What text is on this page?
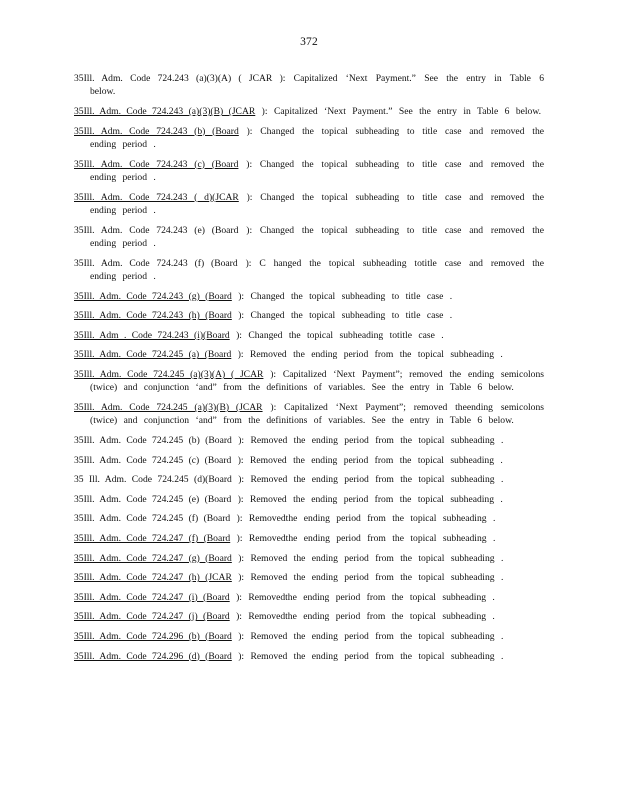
372
35Ill. Adm. Code 724.243 (a)(3)(A) ( JCAR ): Capitalized ‘Next Payment.” See the entry in Table 6 below.
35Ill. Adm. Code 724.243 (a)(3)(B) (JCAR ): Capitalized ‘Next Payment.” See the entry in Table 6 below.
35Ill. Adm. Code 724.243 (b) (Board ): Changed the topical subheading to title case and removed the ending period .
35Ill. Adm. Code 724.243 (c) (Board ): Changed the topical subheading to title case and removed the ending period .
35Ill. Adm. Code 724.243 ( d)(JCAR ): Changed the topical subheading to title case and removed the ending period .
35Ill. Adm. Code 724.243 (e) (Board ): Changed the topical subheading to title case and removed the ending period .
35Ill. Adm. Code 724.243 (f) (Board ): C hanged the topical subheading totitle case and removed the ending period .
35Ill. Adm. Code 724.243 (g) (Board ): Changed the topical subheading to title case .
35Ill. Adm. Code 724.243 (h) (Board ): Changed the topical subheading to title case .
35Ill. Adm . Code 724.243 (i)(Board ): Changed the topical subheading totitle case .
35Ill. Adm. Code 724.245 (a) (Board ): Removed the ending period from the topical subheading .
35Ill. Adm. Code 724.245 (a)(3)(A) ( JCAR ): Capitalized ‘Next Payment”; removed the ending semicolons (twice) and conjunction ‘and” from the definitions of variables. See the entry in Table 6 below.
35Ill. Adm. Code 724.245 (a)(3)(B) (JCAR ): Capitalized ‘Next Payment”; removed theending semicolons (twice) and conjunction ‘and” from the definitions of variables. See the entry in Table 6 below.
35Ill. Adm. Code 724.245 (b) (Board ): Removed the ending period from the topical subheading .
35Ill. Adm. Code 724.245 (c) (Board ): Removed the ending period from the topical subheading .
35 Ill. Adm. Code 724.245 (d)(Board ): Removed the ending period from the topical subheading .
35Ill. Adm. Code 724.245 (e) (Board ): Removed the ending period from the topical subheading .
35Ill. Adm. Code 724.245 (f) (Board ): Removedthe ending period from the topical subheading .
35Ill. Adm. Code 724.247 (f) (Board ): Removedthe ending period from the topical subheading .
35Ill. Adm. Code 724.247 (g) (Board ): Removed the ending period from the topical subheading .
35Ill. Adm. Code 724.247 (h) (JCAR ): Removed the ending period from the topical subheading .
35Ill. Adm. Code 724.247 (i) (Board ): Removedthe ending period from the topical subheading .
35Ill. Adm. Code 724.247 (j) (Board ): Removedthe ending period from the topical subheading .
35Ill. Adm. Code 724.296 (b) (Board ): Removed the ending period from the topical subheading .
35Ill. Adm. Code 724.296 (d) (Board ): Removed the ending period from the topical subheading .
